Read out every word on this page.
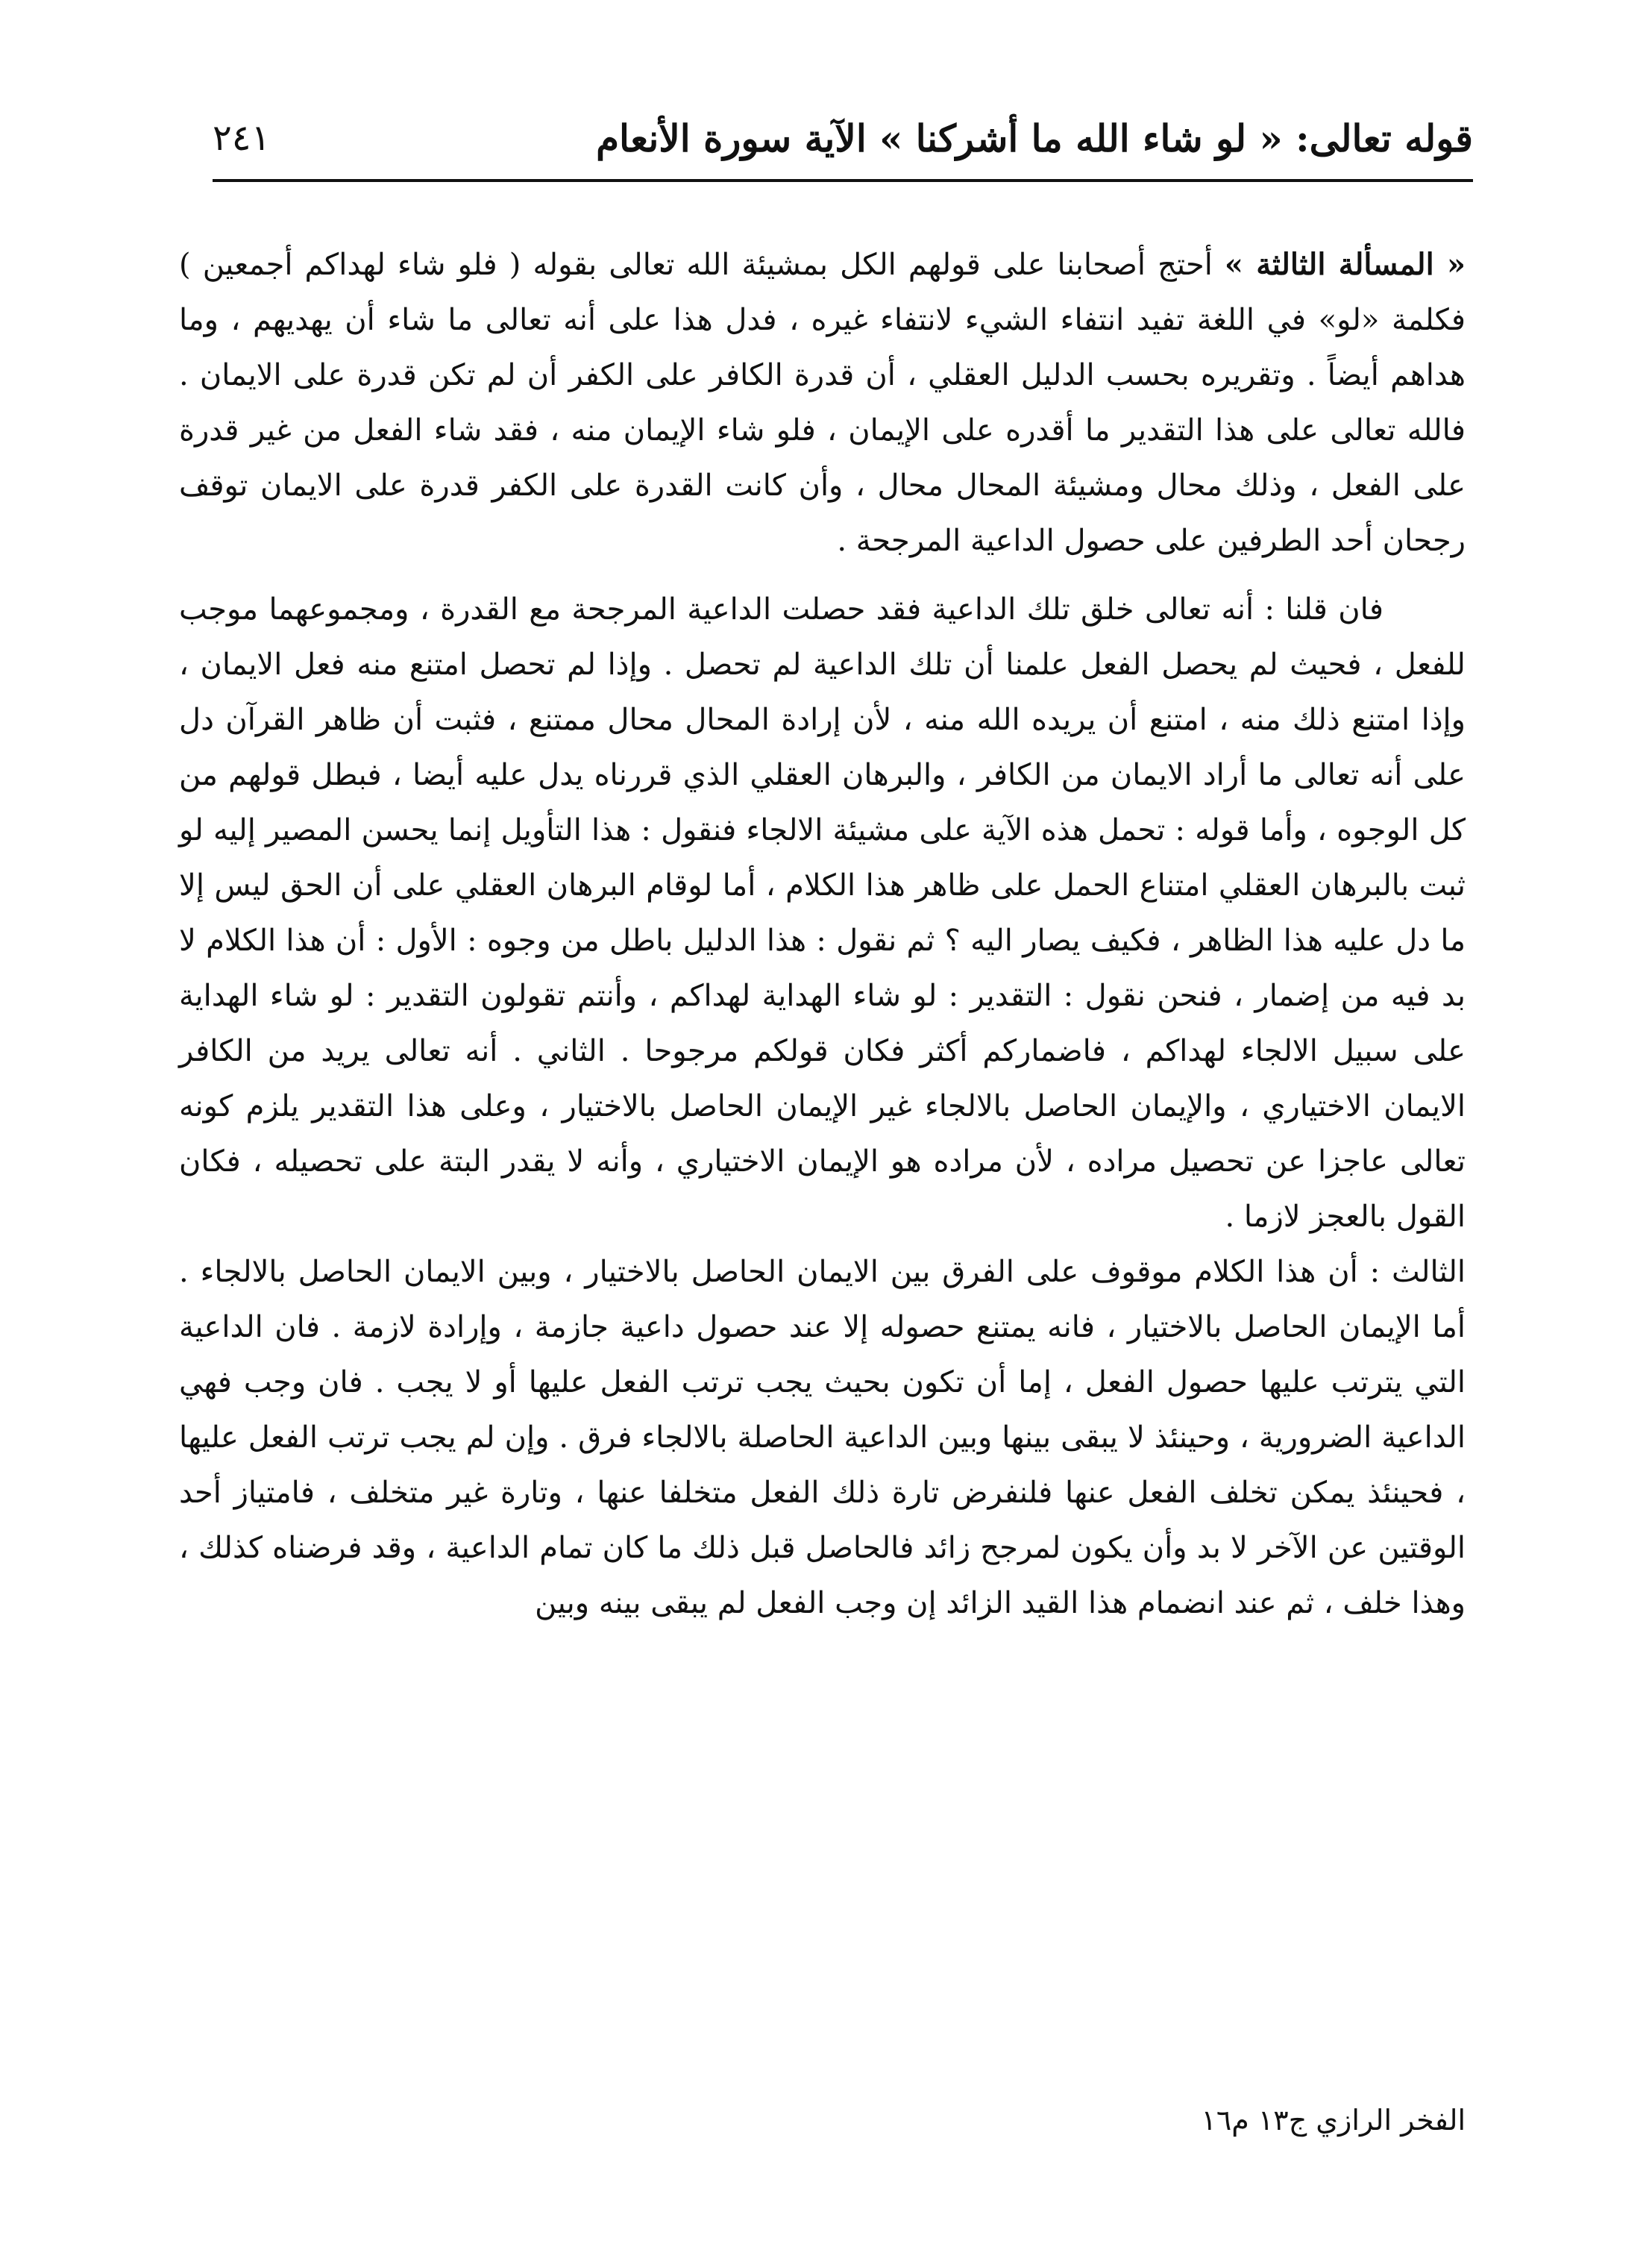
قوله تعالى: « لو شاء الله ما أشركنا » الآية سورة الأنعام
٢٤١

« المسألة الثالثة » أحتج أصحابنا على قولهم الكل بمشيئة الله تعالى بقوله ( فلو شاء لهداكم أجمعين ) فكلمة «لو» في اللغة تفيد انتفاء الشيء لانتفاء غيره ، فدل هذا على أنه تعالى ما شاء أن يهديهم ، وما هداهم أيضاً . وتقريره بحسب الدليل العقلي ، أن قدرة الكافر على الكفر أن لم تكن قدرة على الايمان . فالله تعالى على هذا التقدير ما أقدره على الإيمان ، فلو شاء الإيمان منه ، فقد شاء الفعل من غير قدرة على الفعل ، وذلك محال ومشيئة المحال محال ، وأن كانت القدرة على الكفر قدرة على الايمان توقف رجحان أحد الطرفين على حصول الداعية المرجحة .

فان قلنا : أنه تعالى خلق تلك الداعية فقد حصلت الداعية المرجحة مع القدرة ، ومجموعهما موجب للفعل ، فحيث لم يحصل الفعل علمنا أن تلك الداعية لم تحصل . وإذا لم تحصل امتنع منه فعل الايمان ، وإذا امتنع ذلك منه ، امتنع أن يريده الله منه ، لأن إرادة المحال محال ممتنع ، فثبت أن ظاهر القرآن دل على أنه تعالى ما أراد الايمان من الكافر ، والبرهان العقلي الذي قررناه يدل عليه أيضا ، فبطل قولهم من كل الوجوه ، وأما قوله : تحمل هذه الآية على مشيئة الالجاء فنقول : هذا التأويل إنما يحسن المصير إليه لو ثبت بالبرهان العقلي امتناع الحمل على ظاهر هذا الكلام ، أما لوقام البرهان العقلي على أن الحق ليس إلا ما دل عليه هذا الظاهر ، فكيف يصار اليه ؟ ثم نقول : هذا الدليل باطل من وجوه : الأول : أن هذا الكلام لا بد فيه من إضمار ، فنحن نقول : التقدير : لو شاء الهداية لهداكم ، وأنتم تقولون التقدير : لو شاء الهداية على سبيل الالجاء لهداكم ، فاضماركم أكثر فكان قولكم مرجوحا . الثاني . أنه تعالى يريد من الكافر الايمان الاختياري ، والإيمان الحاصل بالالجاء غير الإيمان الحاصل بالاختيار ، وعلى هذا التقدير يلزم كونه تعالى عاجزا عن تحصيل مراده ، لأن مراده هو الإيمان الاختياري ، وأنه لا يقدر البتة على تحصيله ، فكان القول بالعجز لازما .

الثالث : أن هذا الكلام موقوف على الفرق بين الايمان الحاصل بالاختيار ، وبين الايمان الحاصل بالالجاء . أما الإيمان الحاصل بالاختيار ، فانه يمتنع حصوله إلا عند حصول داعية جازمة ، وإرادة لازمة . فان الداعية التي يترتب عليها حصول الفعل ، إما أن تكون بحيث يجب ترتب الفعل عليها أو لا يجب . فان وجب فهي الداعية الضرورية ، وحينئذ لا يبقى بينها وبين الداعية الحاصلة بالالجاء فرق . وإن لم يجب ترتب الفعل عليها ، فحينئذ يمكن تخلف الفعل عنها فلنفرض تارة ذلك الفعل متخلفا عنها ، وتارة غير متخلف ، فامتياز أحد الوقتين عن الآخر لا بد وأن يكون لمرجح زائد فالحاصل قبل ذلك ما كان تمام الداعية ، وقد فرضناه كذلك ، وهذا خلف ، ثم عند انضمام هذا القيد الزائد إن وجب الفعل لم يبقى بينه وبين

الفخر الرازي ج١٣ م١٦
